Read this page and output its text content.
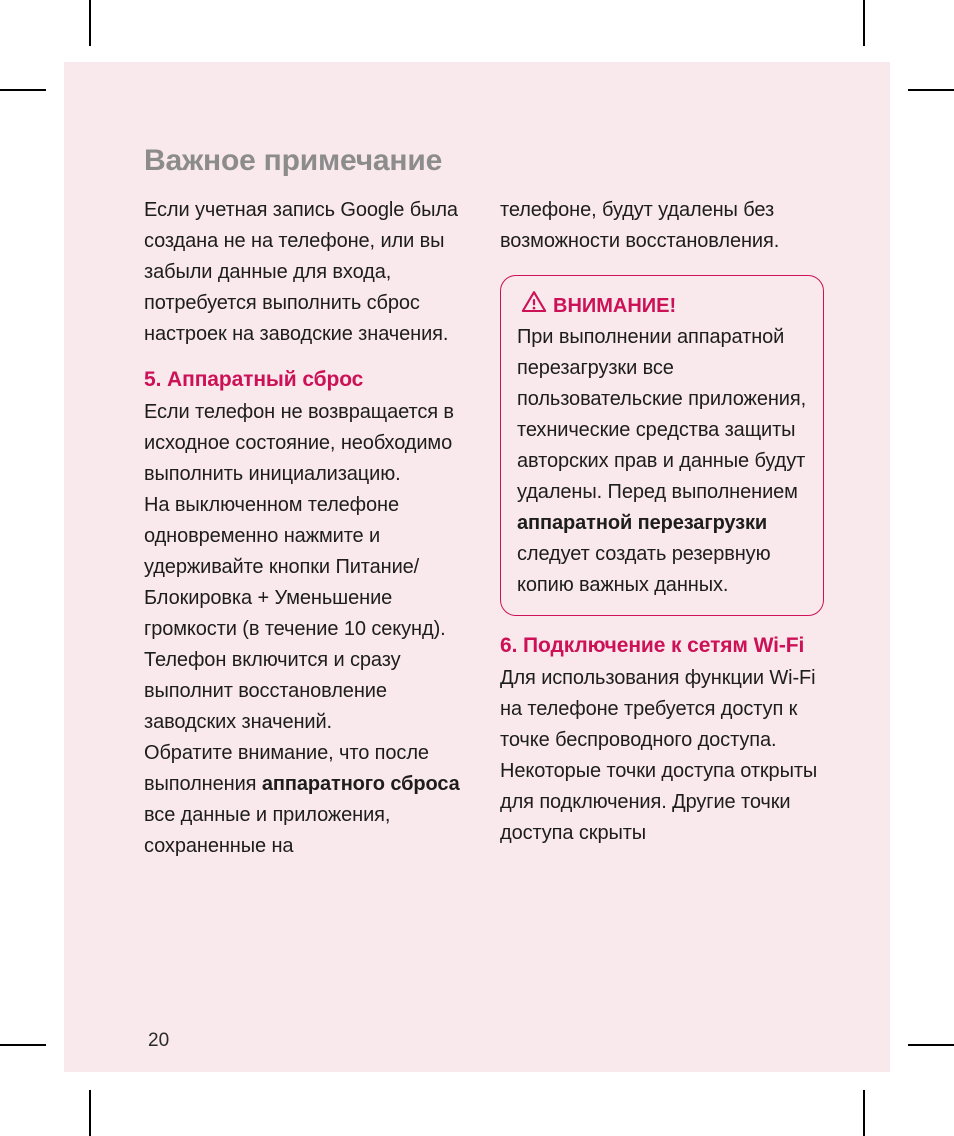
Важное примечание

Если учетная запись Google была создана не на телефоне, или вы забыли данные для входа, потребуется выполнить сброс настроек на заводские значения.

5. Аппаратный сброс

Если телефон не возвращается в исходное состояние, необходимо выполнить инициализацию.

На выключенном телефоне одновременно нажмите и удерживайте кнопки Питание/Блокировка + Уменьшение громкости (в течение 10 секунд). Телефон включится и сразу выполнит восстановление заводских значений.

Обратите внимание, что после выполнения аппаратного сброса все данные и приложения, сохраненные на

телефоне, будут удалены без возможности восстановления.

ВНИМАНИЕ!

При выполнении аппаратной перезагрузки все пользовательские приложения, технические средства защиты авторских прав и данные будут удалены. Перед выполнением аппаратной перезагрузки следует создать резервную копию важных данных.

6. Подключение к сетям Wi-Fi

Для использования функции Wi-Fi на телефоне требуется доступ к точке беспроводного доступа. Некоторые точки доступа открыты для подключения. Другие точки доступа скрыты

20
